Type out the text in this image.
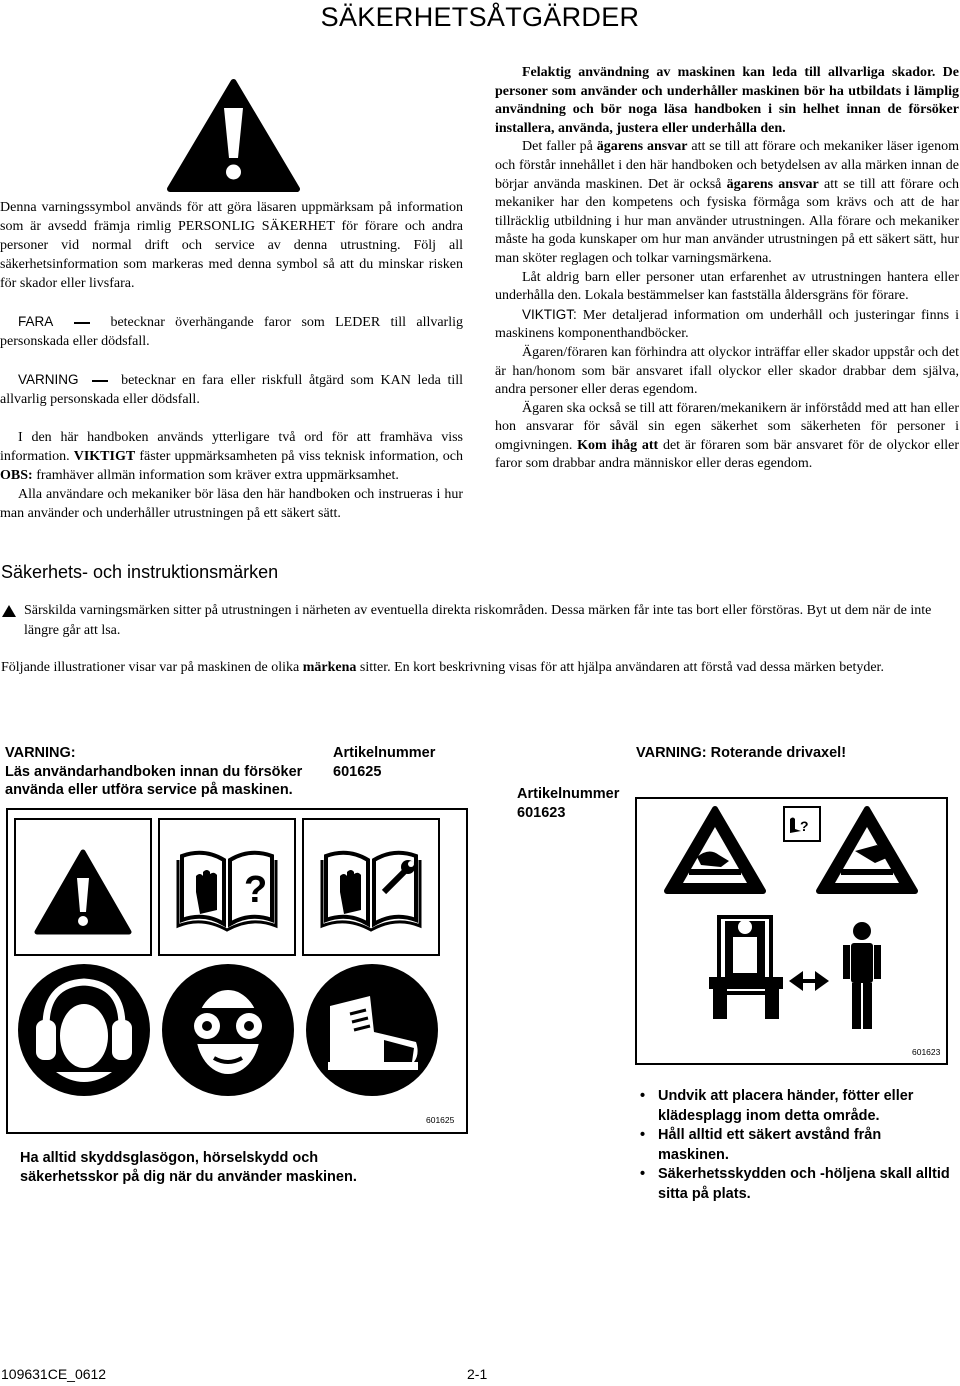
SÄKERHETSÅTGÄRDER

Denna varningssymbol används för att göra läsaren uppmärksam på information som är avsedd främja rimlig PERSONLIG SÄKERHET för förare och andra personer vid normal drift och service av denna utrustning. Följ all säkerhetsinformation som markeras med denna symbol så att du minskar risken för skador eller livsfara.

FARA	betecknar överhängande faror som LEDER till allvarlig personskada eller dödsfall.

VARNING	betecknar en fara eller riskfull åtgärd som KAN leda till allvarlig personskada eller dödsfall.

I den här handboken används ytterligare två ord för att framhäva viss information. VIKTIGT fäster uppmärksamheten på viss teknisk information, och OBS: framhäver allmän information som kräver extra uppmärksamhet.

Alla användare och mekaniker bör läsa den här handboken och instrueras i hur man använder och underhåller utrustningen på ett säkert sätt.

Felaktig användning av maskinen kan leda till allvarliga skador. De personer som använder och underhåller maskinen bör ha utbildats i lämplig användning och bör noga läsa handboken i sin helhet innan de försöker installera, använda, justera eller underhålla den.

Det faller på ägarens ansvar att se till att förare och mekaniker läser igenom och förstår innehållet i den här handboken och betydelsen av alla märken innan de börjar använda maskinen. Det är också ägarens ansvar att se till att förare och mekaniker har den kompetens och fysiska förmåga som krävs och att de har tillräcklig utbildning i hur man använder utrustningen. Alla förare och mekaniker måste ha goda kunskaper om hur man använder utrustningen på ett säkert sätt, hur man sköter reglagen och tolkar varningsmärkena.

Låt aldrig barn eller personer utan erfarenhet av utrustningen hantera eller underhålla den. Lokala bestämmelser kan fastställa åldersgräns för förare.

VIKTIGT: Mer detaljerad information om underhåll och justeringar finns i maskinens komponenthandböcker.

Ägaren/föraren kan förhindra att olyckor inträffar eller skador uppstår och det är han/honom som bär ansvaret ifall olyckor eller skador drabbar dem själva, andra personer eller deras egendom.

Ägaren ska också se till att föraren/mekanikern är införstådd med att han eller hon ansvarar för såväl sin egen säkerhet som säkerheten för personer i omgivningen. Kom ihåg att det är föraren som bär ansvaret för de olyckor eller faror som drabbar andra människor eller deras egendom.

Säkerhets- och instruktionsmärken
Särskilda varningsmärken sitter på utrustningen i närheten av eventuella direkta riskområden. Dessa märken får inte tas bort eller förstöras. Byt ut dem när de inte längre går att lsa.
Följande illustrationer visar var på maskinen de olika märkena sitter. En kort beskrivning visas för att hjälpa användaren att förstå vad dessa märken betyder.
VARNING:
Läs användarhandboken innan du försöker
använda eller utföra service på maskinen.
Artikelnummer
601625
?
601625
Ha alltid skyddsglasögon, hörselskydd och
säkerhetsskor på dig när du använder maskinen.
VARNING: Roterande drivaxel!
Artikelnummer
601623
?
601623
• Undvik att placera händer, fötter eller klädesplagg inom detta område.
• Håll alltid ett säkert avstånd från maskinen.
• Säkerhetsskydden och -höljena skall alltid sitta på plats.
109631CE_0612	2-1
